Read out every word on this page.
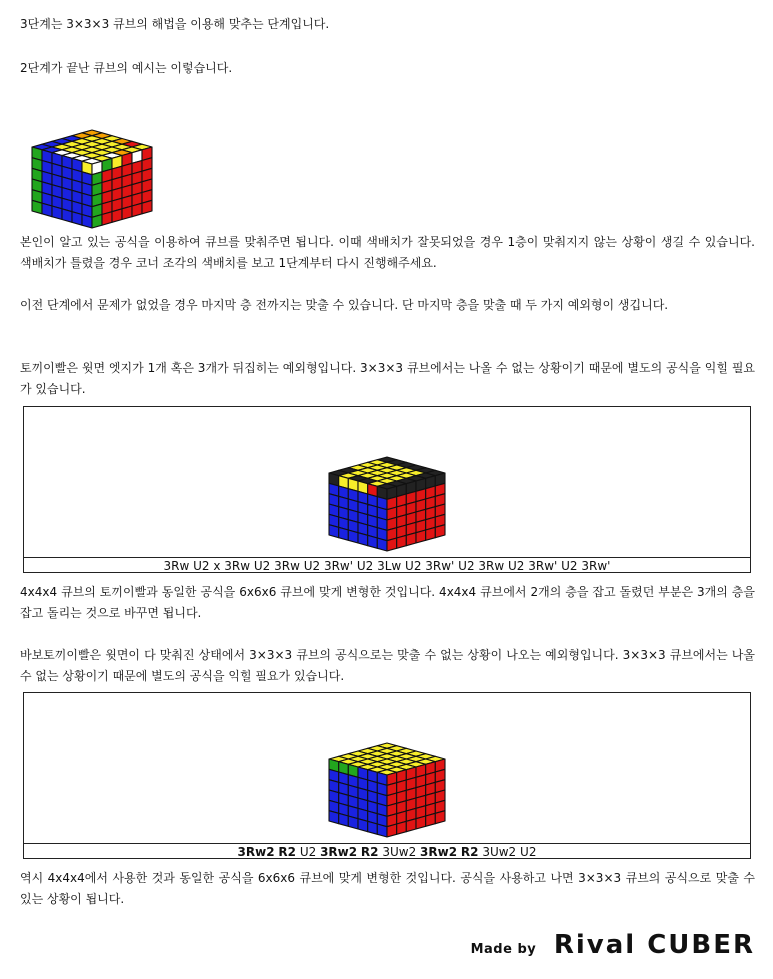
3단계는 3×3×3 큐브의 해법을 이용해 맞추는 단계입니다.
2단계가 끝난 큐브의 예시는 이렇습니다.
본인이 알고 있는 공식을 이용하여 큐브를 맞춰주면 됩니다. 이때 색배치가 잘못되었을 경우 1층이 맞춰지지 않는 상황이 생길 수 있습니다. 색배치가 틀렸을 경우 코너 조각의 색배치를 보고 1단계부터 다시 진행해주세요.
이전 단계에서 문제가 없었을 경우 마지막 층 전까지는 맞출 수 있습니다. 단 마지막 층을 맞출 때 두 가지 예외형이 생깁니다.
토끼이빨은 윗면 엣지가 1개 혹은 3개가 뒤집히는 예외형입니다. 3×3×3 큐브에서는 나올 수 없는 상황이기 때문에 별도의 공식을 익힐 필요가 있습니다.
3Rw U2 x 3Rw U2 3Rw U2 3Rw' U2 3Lw U2 3Rw' U2 3Rw U2 3Rw' U2 3Rw'
4x4x4 큐브의 토끼이빨과 동일한 공식을 6x6x6 큐브에 맞게 변형한 것입니다. 4x4x4 큐브에서 2개의 층을 잡고 돌렸던 부분은 3개의 층을 잡고 돌리는 것으로 바꾸면 됩니다.
바보토끼이빨은 윗면이 다 맞춰진 상태에서 3×3×3 큐브의 공식으로는 맞출 수 없는 상황이 나오는 예외형입니다. 3×3×3 큐브에서는 나올 수 없는 상황이기 때문에 별도의 공식을 익힐 필요가 있습니다.
3Rw2 R2 U2 3Rw2 R2 3Uw2 3Rw2 R2 3Uw2 U2
역시 4x4x4에서 사용한 것과 동일한 공식을 6x6x6 큐브에 맞게 변형한 것입니다. 공식을 사용하고 나면 3×3×3 큐브의 공식으로 맞출 수 있는 상황이 됩니다.
Made by Rival CUBER
